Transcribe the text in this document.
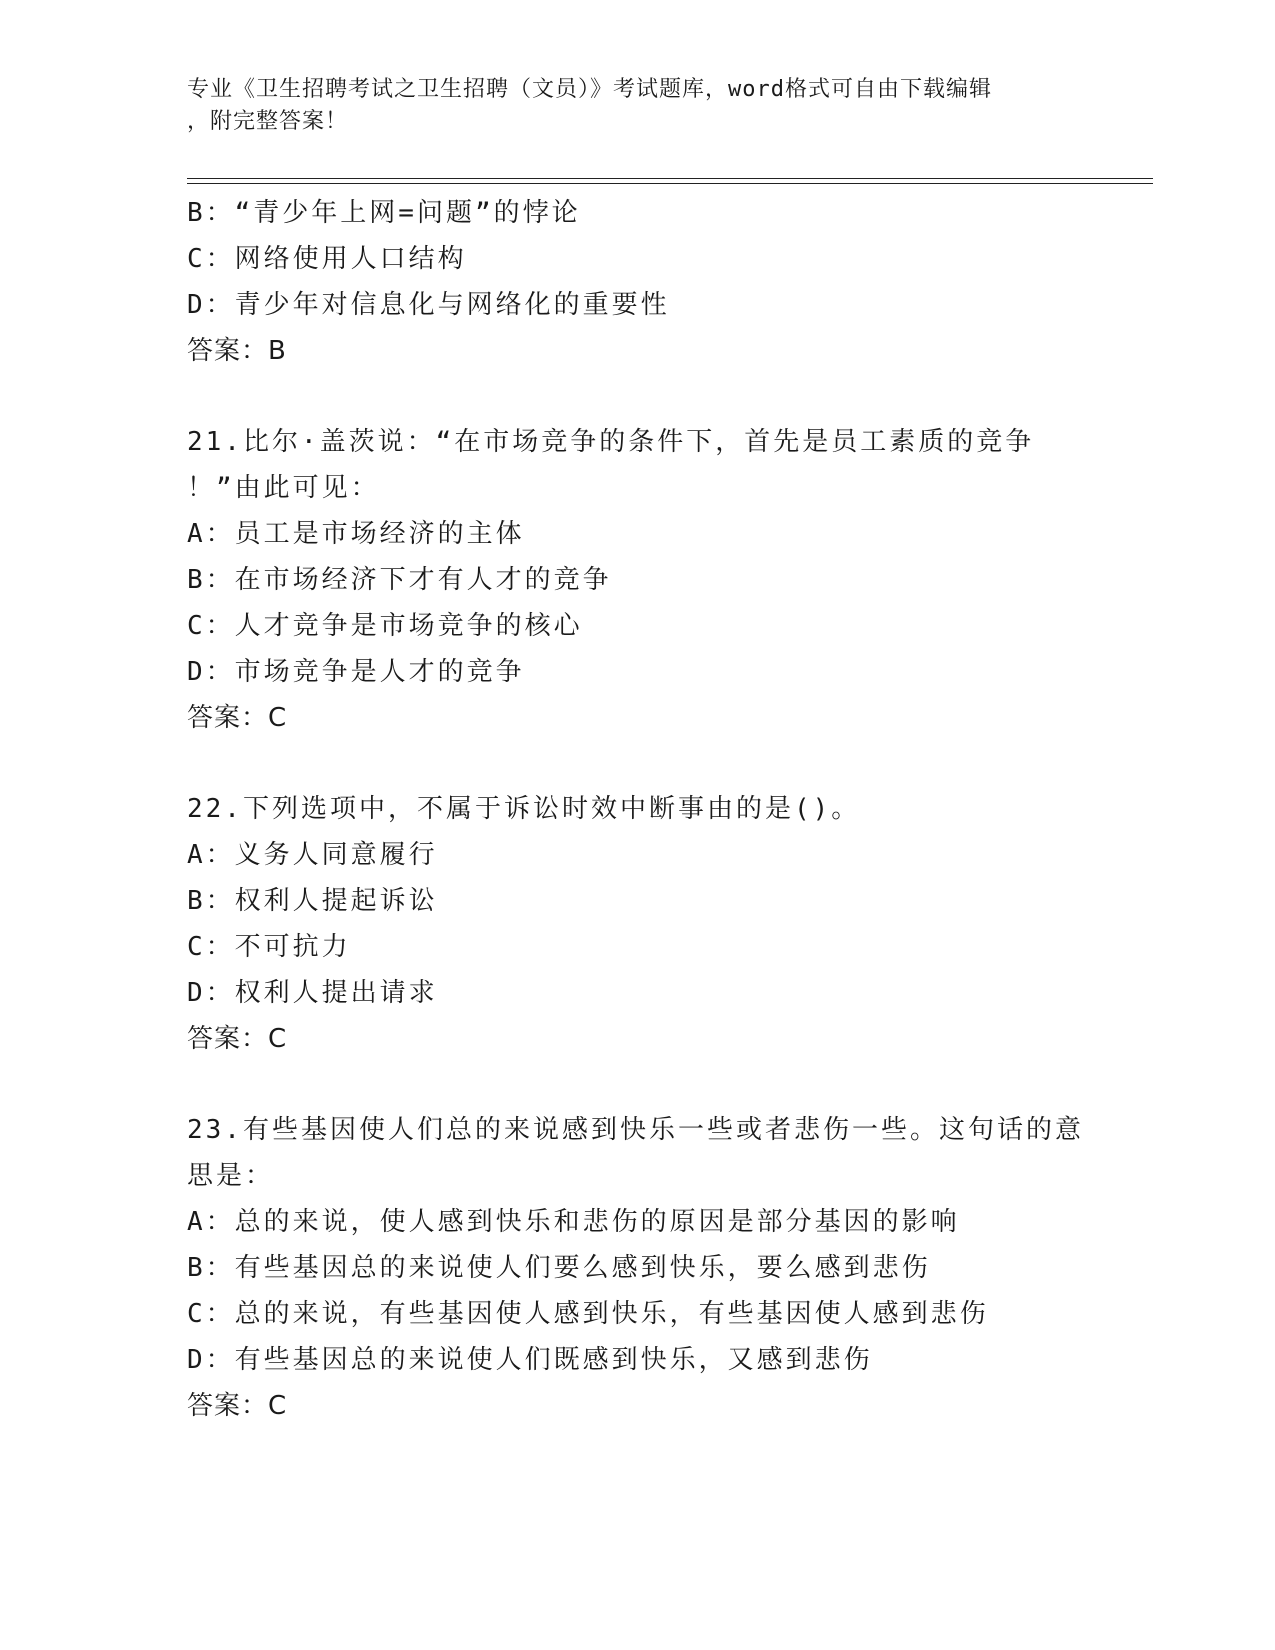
专业《卫生招聘考试之卫生招聘（文员）》考试题库，word格式可自由下载编辑
，附完整答案！
B：“青少年上网=问题”的悖论
C：网络使用人口结构
D：青少年对信息化与网络化的重要性
答案：B
21.比尔·盖茨说：“在市场竞争的条件下，首先是员工素质的竞争
！”由此可见：
A：员工是市场经济的主体
B：在市场经济下才有人才的竞争
C：人才竞争是市场竞争的核心
D：市场竞争是人才的竞争
答案：C
22.下列选项中，不属于诉讼时效中断事由的是()。
A：义务人同意履行
B：权利人提起诉讼
C：不可抗力
D：权利人提出请求
答案：C
23.有些基因使人们总的来说感到快乐一些或者悲伤一些。这句话的意
思是：
A：总的来说，使人感到快乐和悲伤的原因是部分基因的影响
B：有些基因总的来说使人们要么感到快乐，要么感到悲伤
C：总的来说，有些基因使人感到快乐，有些基因使人感到悲伤
D：有些基因总的来说使人们既感到快乐，又感到悲伤
答案：C
